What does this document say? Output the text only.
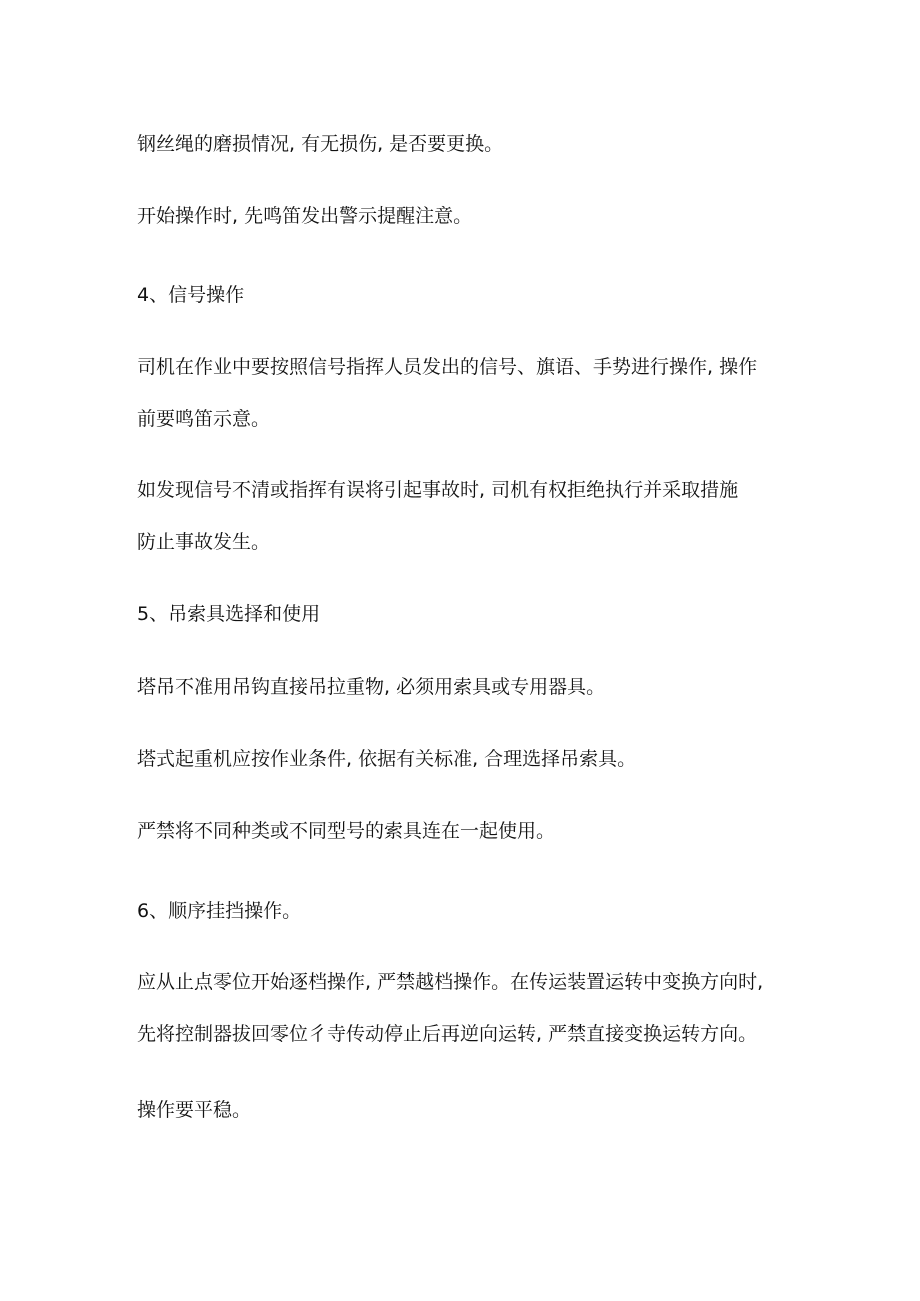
钢丝绳的磨损情况, 有无损伤, 是否要更换。

开始操作时, 先鸣笛发出警示提醒注意。

4、信号操作

司机在作业中要按照信号指挥人员发出的信号、旗语、手势进行操作, 操作

前要鸣笛示意。

如发现信号不清或指挥有误将引起事故时, 司机有权拒绝执行并采取措施

防止事故发生。

5、吊索具选择和使用

塔吊不准用吊钩直接吊拉重物, 必须用索具或专用器具。

塔式起重机应按作业条件, 依据有关标准, 合理选择吊索具。

严禁将不同种类或不同型号的索具连在一起使用。

6、顺序挂挡操作。

应从止点零位开始逐档操作, 严禁越档操作。在传运装置运转中变换方向时,

先将控制器拔回零位彳寺传动停止后再逆向运转, 严禁直接变换运转方向。

操作要平稳。
